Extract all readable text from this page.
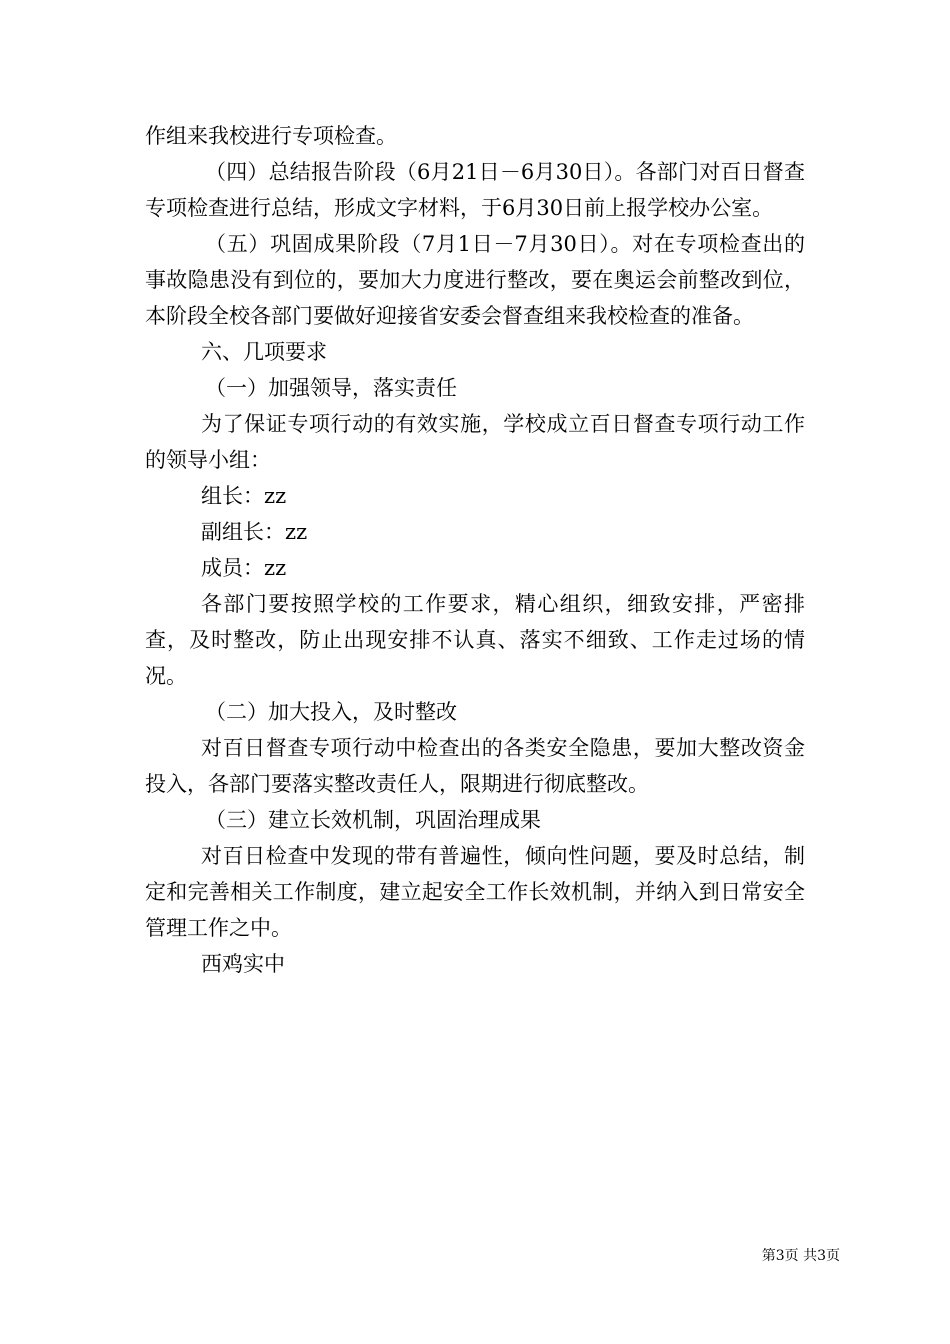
作组来我校进行专项检查。

（四）总结报告阶段（6月21日－6月30日）。各部门对百日督查专项检查进行总结，形成文字材料，于6月30日前上报学校办公室。

（五）巩固成果阶段（7月1日－7月30日）。对在专项检查出的事故隐患没有到位的，要加大力度进行整改，要在奥运会前整改到位，本阶段全校各部门要做好迎接省安委会督查组来我校检查的准备。

六、几项要求

（一）加强领导，落实责任

为了保证专项行动的有效实施，学校成立百日督查专项行动工作的领导小组：

组长：zz

副组长：zz

成员：zz

各部门要按照学校的工作要求，精心组织，细致安排，严密排查，及时整改，防止出现安排不认真、落实不细致、工作走过场的情况。

（二）加大投入，及时整改

对百日督查专项行动中检查出的各类安全隐患，要加大整改资金投入，各部门要落实整改责任人，限期进行彻底整改。

（三）建立长效机制，巩固治理成果

对百日检查中发现的带有普遍性，倾向性问题，要及时总结，制定和完善相关工作制度，建立起安全工作长效机制，并纳入到日常安全管理工作之中。

西鸡实中

第3页 共3页
